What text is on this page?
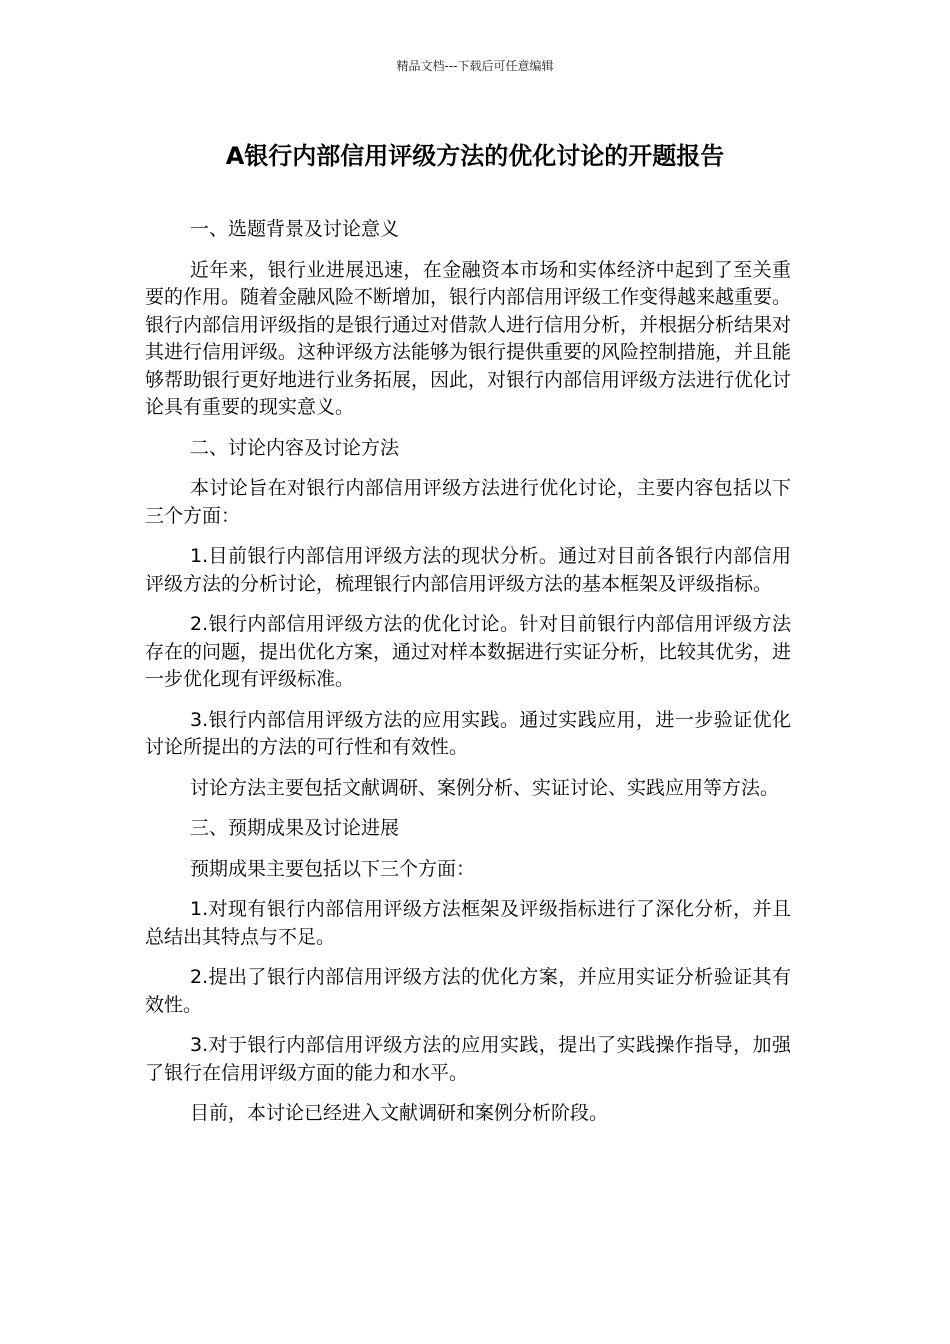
精品文档---下载后可任意编辑
A银行内部信用评级方法的优化讨论的开题报告

一、选题背景及讨论意义

近年来，银行业进展迅速，在金融资本市场和实体经济中起到了至关重要的作用。随着金融风险不断增加，银行内部信用评级工作变得越来越重要。银行内部信用评级指的是银行通过对借款人进行信用分析，并根据分析结果对其进行信用评级。这种评级方法能够为银行提供重要的风险控制措施，并且能够帮助银行更好地进行业务拓展，因此，对银行内部信用评级方法进行优化讨论具有重要的现实意义。

二、讨论内容及讨论方法

本讨论旨在对银行内部信用评级方法进行优化讨论，主要内容包括以下三个方面：

1.目前银行内部信用评级方法的现状分析。通过对目前各银行内部信用评级方法的分析讨论，梳理银行内部信用评级方法的基本框架及评级指标。

2.银行内部信用评级方法的优化讨论。针对目前银行内部信用评级方法存在的问题，提出优化方案，通过对样本数据进行实证分析，比较其优劣，进一步优化现有评级标准。

3.银行内部信用评级方法的应用实践。通过实践应用，进一步验证优化讨论所提出的方法的可行性和有效性。

讨论方法主要包括文献调研、案例分析、实证讨论、实践应用等方法。

三、预期成果及讨论进展

预期成果主要包括以下三个方面：

1.对现有银行内部信用评级方法框架及评级指标进行了深化分析，并且总结出其特点与不足。

2.提出了银行内部信用评级方法的优化方案，并应用实证分析验证其有效性。

3.对于银行内部信用评级方法的应用实践，提出了实践操作指导，加强了银行在信用评级方面的能力和水平。

目前，本讨论已经进入文献调研和案例分析阶段。
